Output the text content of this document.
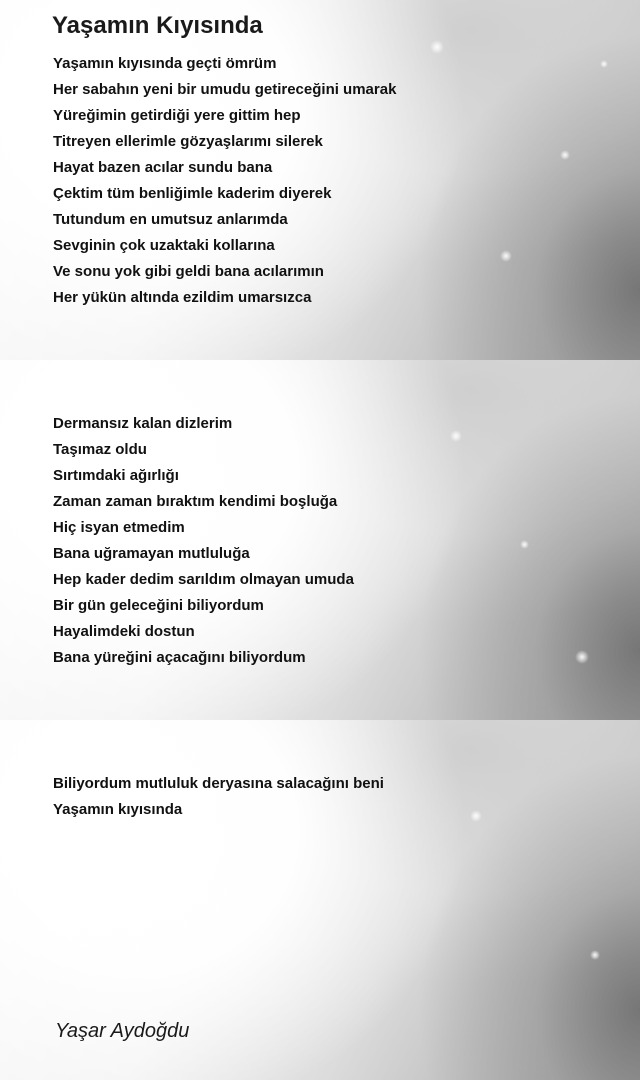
Yaşamın Kıyısında
Yaşamın kıyısında geçti ömrüm
Her sabahın yeni bir umudu getireceğini umarak
Yüreğimin getirdiği yere gittim hep
Titreyen ellerimle gözyaşlarımı silerek
Hayat bazen acılar sundu bana
Çektim tüm benliğimle kaderim diyerek
Tutundum en umutsuz anlarımda
Sevginin çok uzaktaki kollarına
Ve sonu yok gibi geldi bana acılarımın
Her yükün altında ezildim umarsızca
Dermansız kalan dizlerim
Taşımaz oldu
Sırtımdaki ağırlığı
Zaman zaman bıraktım kendimi boşluğa
Hiç isyan etmedim
Bana uğramayan mutluluğa
Hep kader dedim sarıldım olmayan umuda
Bir gün geleceğini biliyordum
Hayalimdeki dostun
Bana yüreğini açacağını biliyordum
Biliyordum mutluluk deryasına salacağını beni
Yaşamın kıyısında
Yaşar Aydoğdu
